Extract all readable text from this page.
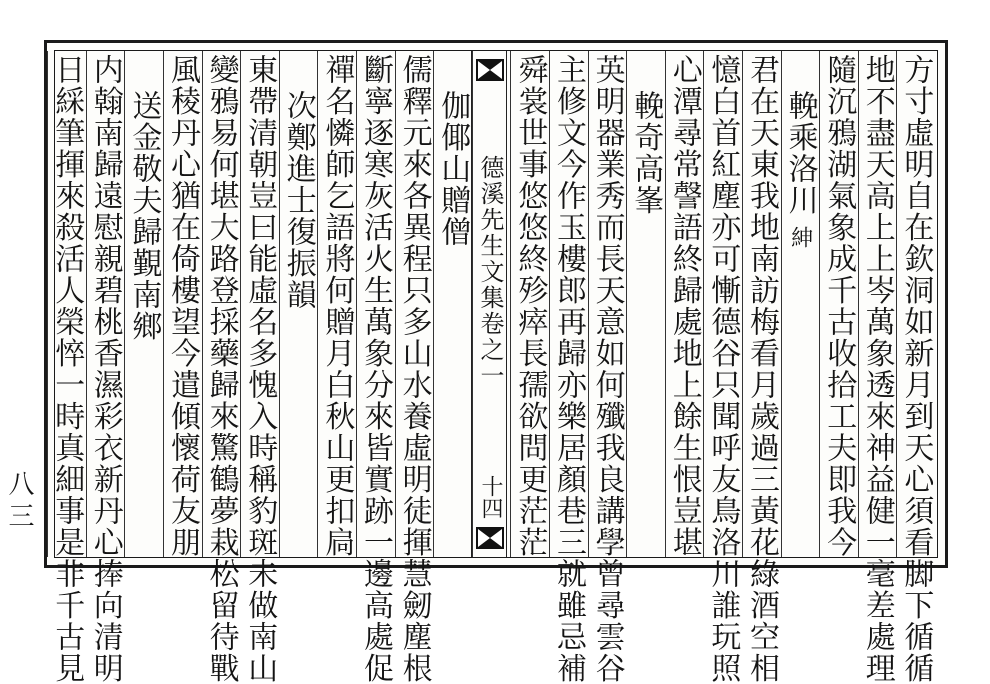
方寸虛明自在欽洞如新月到天心須看脚下循循
地不盡天高上上岑萬象透來神益健一毫差處理
隨沉鴉湖氣象成千古收拾工夫即我今
輓乘洛川紳
君在天東我地南訪梅看月歲過三黃花綠酒空相
憶白首紅塵亦可慚德谷只聞呼友鳥洛川誰玩照
心潭尋常謦語終歸處地上餘生恨豈堪
輓奇高峯
英明器業秀而長天意如何殲我良講學曾尋雲谷
主修文今作玉樓郎再歸亦樂居顏巷三就雖忌補
舜裳世事悠悠終殄瘁長孺欲問更茫茫
伽倻山贈僧
儒釋元來各異程只多山水養虛明徒揮慧劒塵根
斷寧逐寒灰活火生萬象分來皆實跡一邊高處促
禪名憐師乞語將何贈月白秋山更扣扃
次鄭進士復振韻
東帶清朝豈曰能虛名多愧入時稱豹斑未做南山
變鴉易何堪大路登採藥歸來驚鶴夢栽松留待戰
風稜丹心猶在倚樓望今遣傾懷荷友朋
送金敬夫歸覲南鄉
内翰南歸遠慰親碧桃香濕彩衣新丹心捧向清明
日綵筆揮來殺活人榮悴一時真細事是非千古見	德溪先生文集卷之一
十四
八三
